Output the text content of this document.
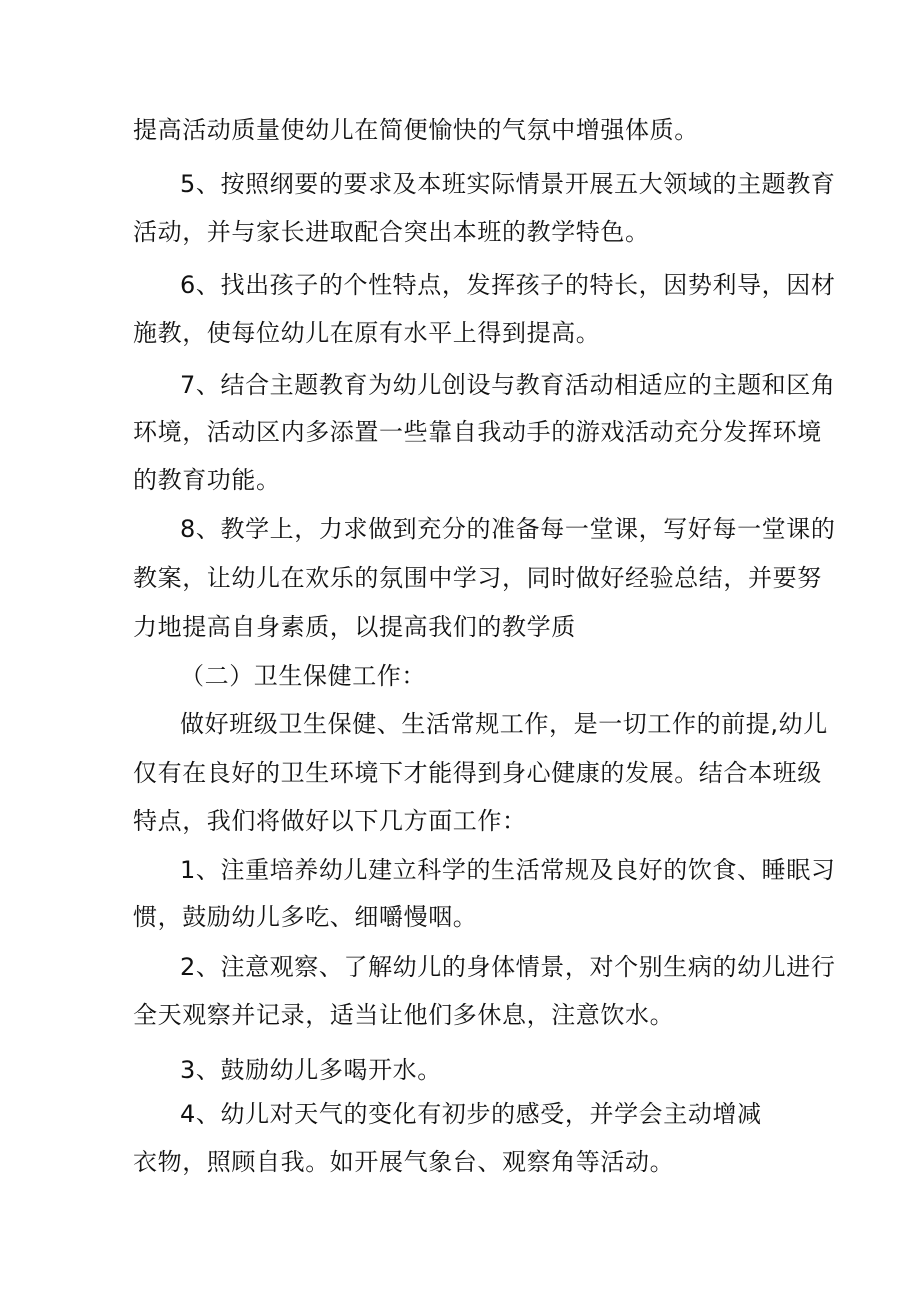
提高活动质量使幼儿在简便愉快的气氛中增强体质。
5、按照纲要的要求及本班实际情景开展五大领域的主题教育
活动，并与家长进取配合突出本班的教学特色。
6、找出孩子的个性特点，发挥孩子的特长，因势利导，因材
施教，使每位幼儿在原有水平上得到提高。
7、结合主题教育为幼儿创设与教育活动相适应的主题和区角
环境，活动区内多添置一些靠自我动手的游戏活动充分发挥环境
的教育功能。
8、教学上，力求做到充分的准备每一堂课，写好每一堂课的
教案，让幼儿在欢乐的氛围中学习，同时做好经验总结，并要努
力地提高自身素质，以提高我们的教学质
（二）卫生保健工作：
做好班级卫生保健、生活常规工作，是一切工作的前提,幼儿
仅有在良好的卫生环境下才能得到身心健康的发展。结合本班级
特点，我们将做好以下几方面工作：
1、注重培养幼儿建立科学的生活常规及良好的饮食、睡眠习
惯，鼓励幼儿多吃、细嚼慢咽。
2、注意观察、了解幼儿的身体情景，对个别生病的幼儿进行
全天观察并记录，适当让他们多休息，注意饮水。
3、鼓励幼儿多喝开水。
4、幼儿对天气的变化有初步的感受，并学会主动增减
衣物，照顾自我。如开展气象台、观察角等活动。
